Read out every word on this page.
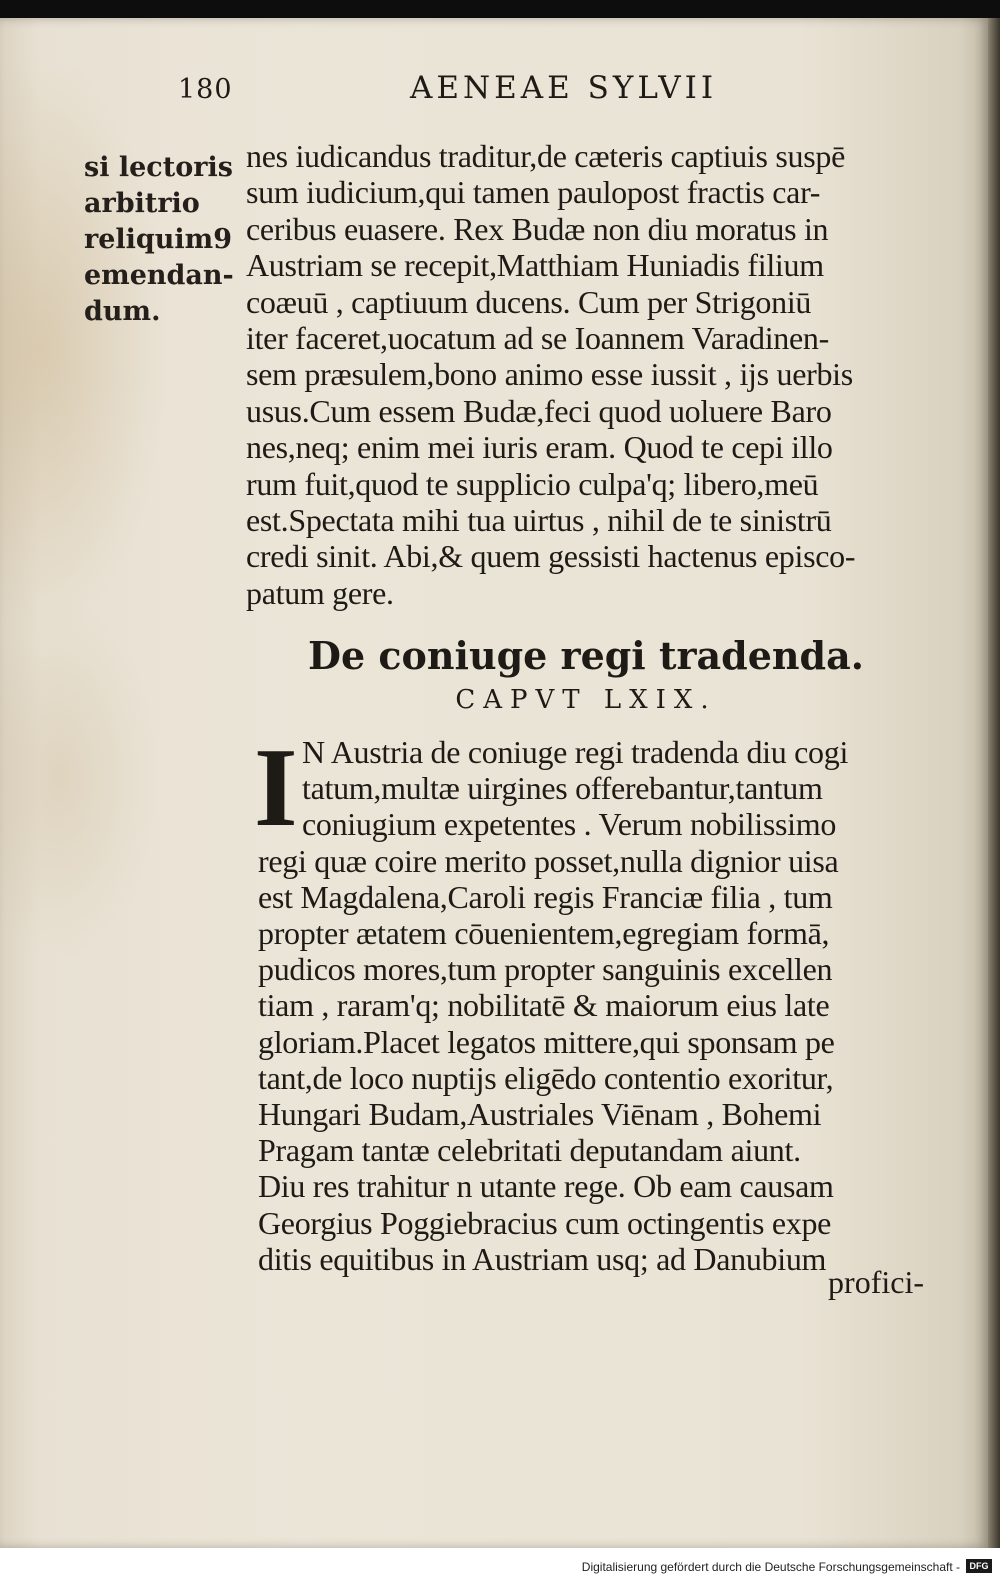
180	AENEAE SYLVII
si lectoris
arbitrio
reliquim9
emendan-
dum.
nes iudicandus traditur,de cæteris captiuis suspē
sum iudicium,qui tamen paulopost fractis car-
ceribus euasere. Rex Budæ non diu moratus in
Austriam se recepit,Matthiam Huniadis filium
coæuū , captiuum ducens. Cum per Strigoniū
iter faceret,uocatum ad se Ioannem Varadinen-
sem præsulem,bono animo esse iussit , ijs uerbis
usus.Cum essem Budæ,feci quod uoluere Baro
nes,neq; enim mei iuris eram. Quod te cepi illo
rum fuit,quod te supplicio culpa'q; libero,meū
est.Spectata mihi tua uirtus , nihil de te sinistrū
credi sinit. Abi,& quem gessisti hactenus episco-
patum gere.
De coniuge regi tradenda.
CAPVT LXIX.
I N Austria de coniuge regi tradenda diu cogi
tatum,multæ uirgines offerebantur,tantum
coniugium expetentes . Verum nobilissimo
regi quæ coire merito posset,nulla dignior uisa
est Magdalena,Caroli regis Franciæ filia , tum
propter ætatem cōuenientem,egregiam formā,
pudicos mores,tum propter sanguinis excellen
tiam , raram'q; nobilitatē & maiorum eius late
gloriam.Placet legatos mittere,qui sponsam pe
tant,de loco nuptijs eligēdo contentio exoritur,
Hungari Budam,Austriales Viēnam , Bohemi
Pragam tantæ celebritati deputandam aiunt.
Diu res trahitur n utante rege. Ob eam causam
Georgius Poggiebracius cum octingentis expe
ditis equitibus in Austriam usq; ad Danubium
profici-
Digitalisierung gefördert durch die Deutsche Forschungsgemeinschaft -	DFG
